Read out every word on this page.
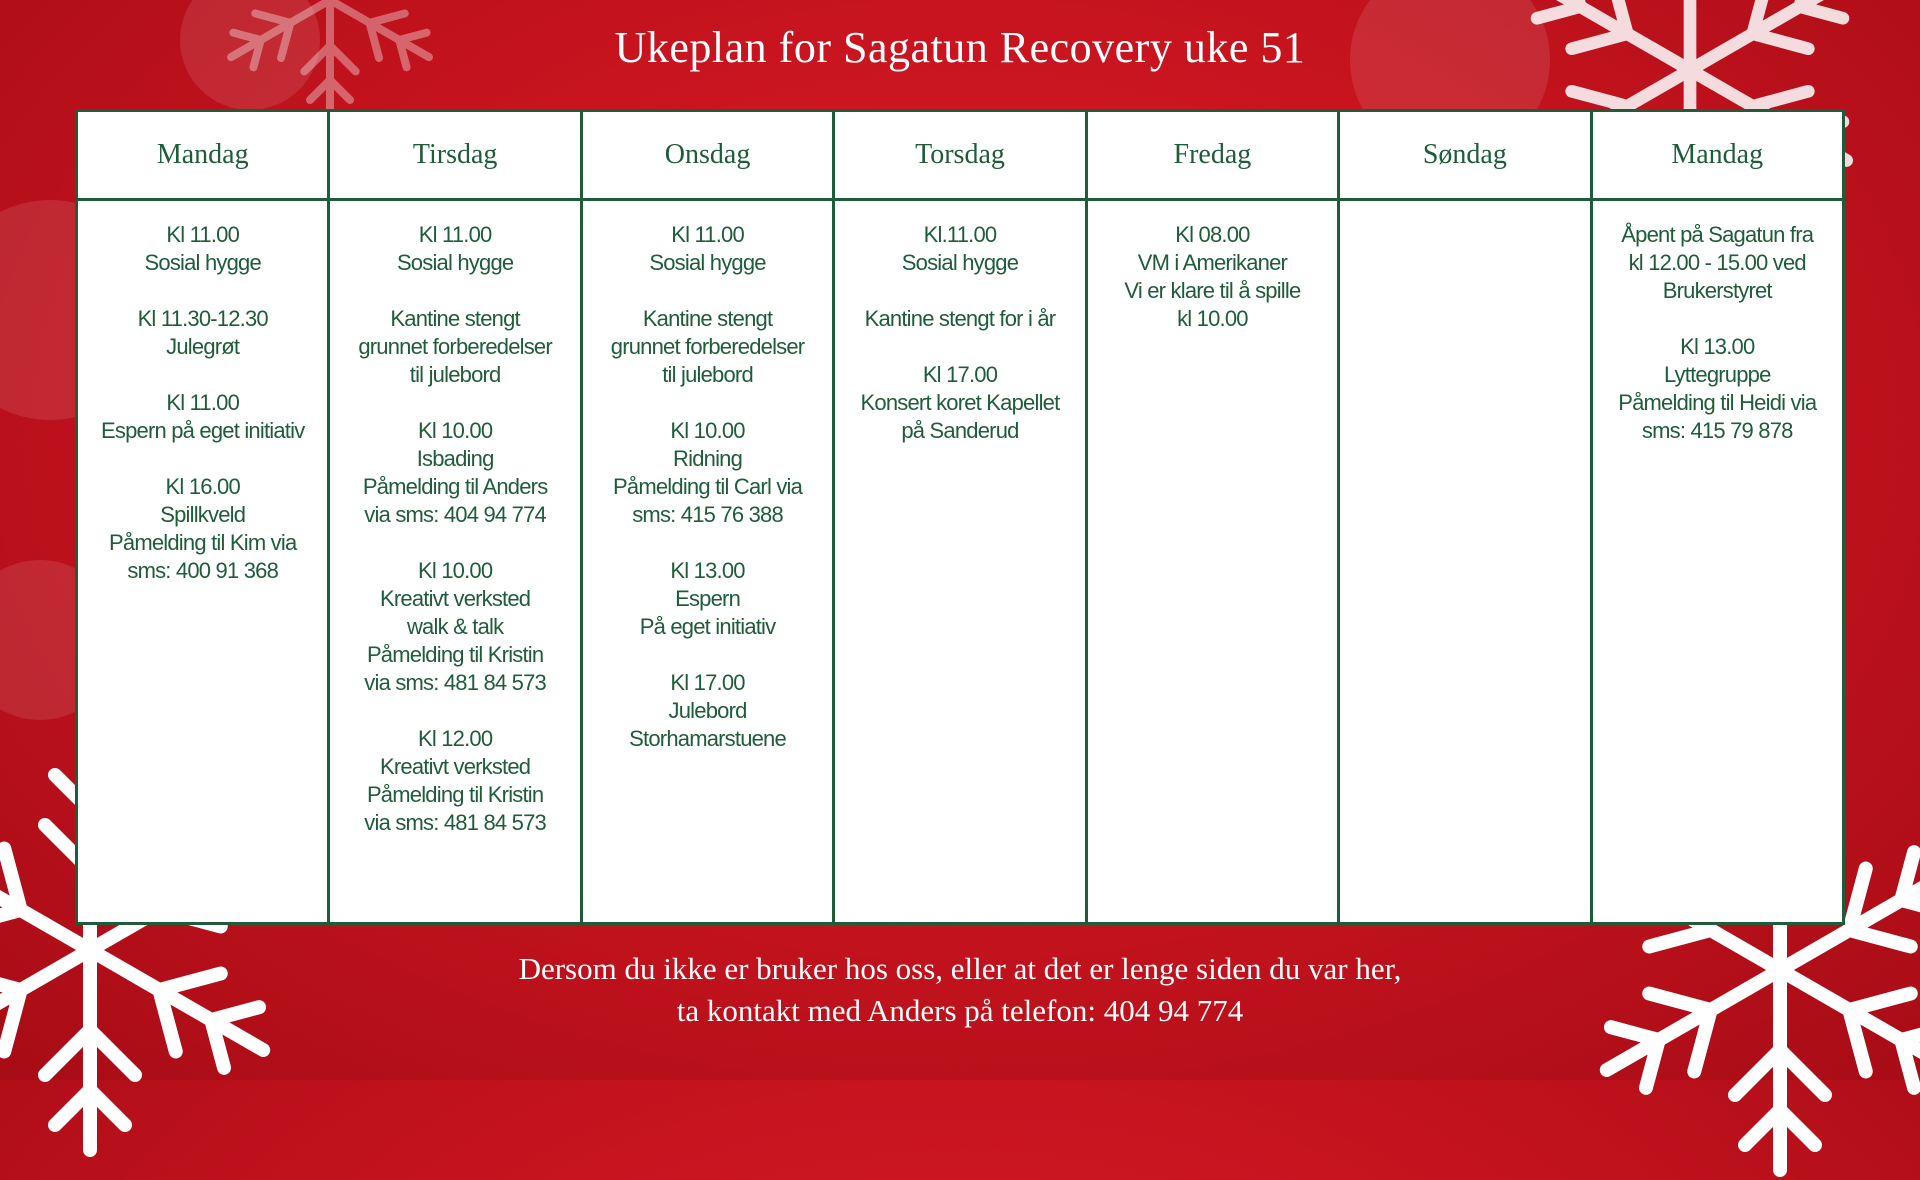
Ukeplan for Sagatun Recovery uke 51
Mandag
Kl 11.00
Sosial hygge
Kl 11.30-12.30
Julegrøt
Kl 11.00
Espern på eget initiativ
Kl 16.00
Spillkveld
Påmelding til Kim via
sms: 400 91 368
Tirsdag
Kl 11.00
Sosial hygge
Kantine stengt
grunnet forberedelser
til julebord
Kl 10.00
Isbading
Påmelding til Anders
via sms: 404 94 774
Kl 10.00
Kreativt verksted
walk & talk
Påmelding til Kristin
via sms: 481 84 573
Kl 12.00
Kreativt verksted
Påmelding til Kristin
via sms: 481 84 573
Onsdag
Kl 11.00
Sosial hygge
Kantine stengt
grunnet forberedelser
til julebord
Kl 10.00
Ridning
Påmelding til Carl via
sms: 415 76 388
Kl 13.00
Espern
På eget initiativ
Kl 17.00
Julebord
Storhamarstuene
Torsdag
Kl.11.00
Sosial hygge
Kantine stengt for i år
Kl 17.00
Konsert koret Kapellet
på Sanderud
Fredag
Kl 08.00
VM i Amerikaner
Vi er klare til å spille
kl 10.00
Søndag	Mandag
Åpent på Sagatun fra
kl 12.00 - 15.00 ved
Brukerstyret
Kl 13.00
Lyttegruppe
Påmelding til Heidi via
sms: 415 79 878
Dersom du ikke er bruker hos oss, eller at det er lenge siden du var her,
ta kontakt med Anders på telefon: 404 94 774
